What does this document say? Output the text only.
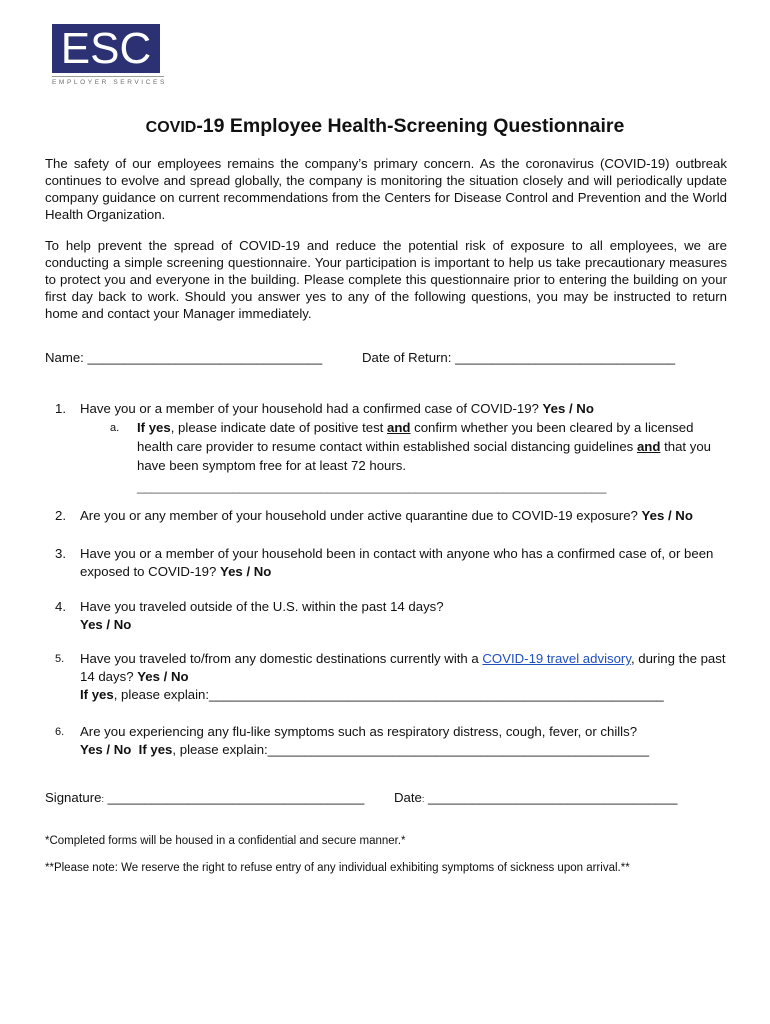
ESC
EMPLOYER SERVICES
COVID-19 Employee Health-Screening Questionnaire

The safety of our employees remains the company’s primary concern. As the coronavirus (COVID-19) outbreak continues to evolve and spread globally, the company is monitoring the situation closely and will periodically update company guidance on current recommendations from the Centers for Disease Control and Prevention and the World Health Organization.

To help prevent the spread of COVID-19 and reduce the potential risk of exposure to all employees, we are conducting a simple screening questionnaire. Your participation is important to help us take precautionary measures to protect you and everyone in the building. Please complete this questionnaire prior to entering the building on your first day back to work. Should you answer yes to any of the following questions, you may be instructed to return home and contact your Manager immediately.

Name: ________________________________	Date of Return: ______________________________
1. Have you or a member of your household had a confirmed case of COVID-19? Yes / No
a. If yes, please indicate date of positive test and confirm whether you been cleared by a licensed health care provider to resume contact within established social distancing guidelines and that you have been symptom free for at least 72 hours.
________________________________________________________________
2. Are you or any member of your household under active quarantine due to COVID-19 exposure? Yes / No
3. Have you or a member of your household been in contact with anyone who has a confirmed case of, or been exposed to COVID-19? Yes / No
4. Have you traveled outside of the U.S. within the past 14 days?
Yes / No
5. Have you traveled to/from any domestic destinations currently with a COVID-19 travel advisory, during the past 14 days? Yes / No
If yes, please explain:______________________________________________________________
6. Are you experiencing any flu-like symptoms such as respiratory distress, cough, fever, or chills?
Yes / No If yes, please explain:____________________________________________________
Signature: ___________________________________ Date: __________________________________
*Completed forms will be housed in a confidential and secure manner.*
**Please note: We reserve the right to refuse entry of any individual exhibiting symptoms of sickness upon arrival.**
